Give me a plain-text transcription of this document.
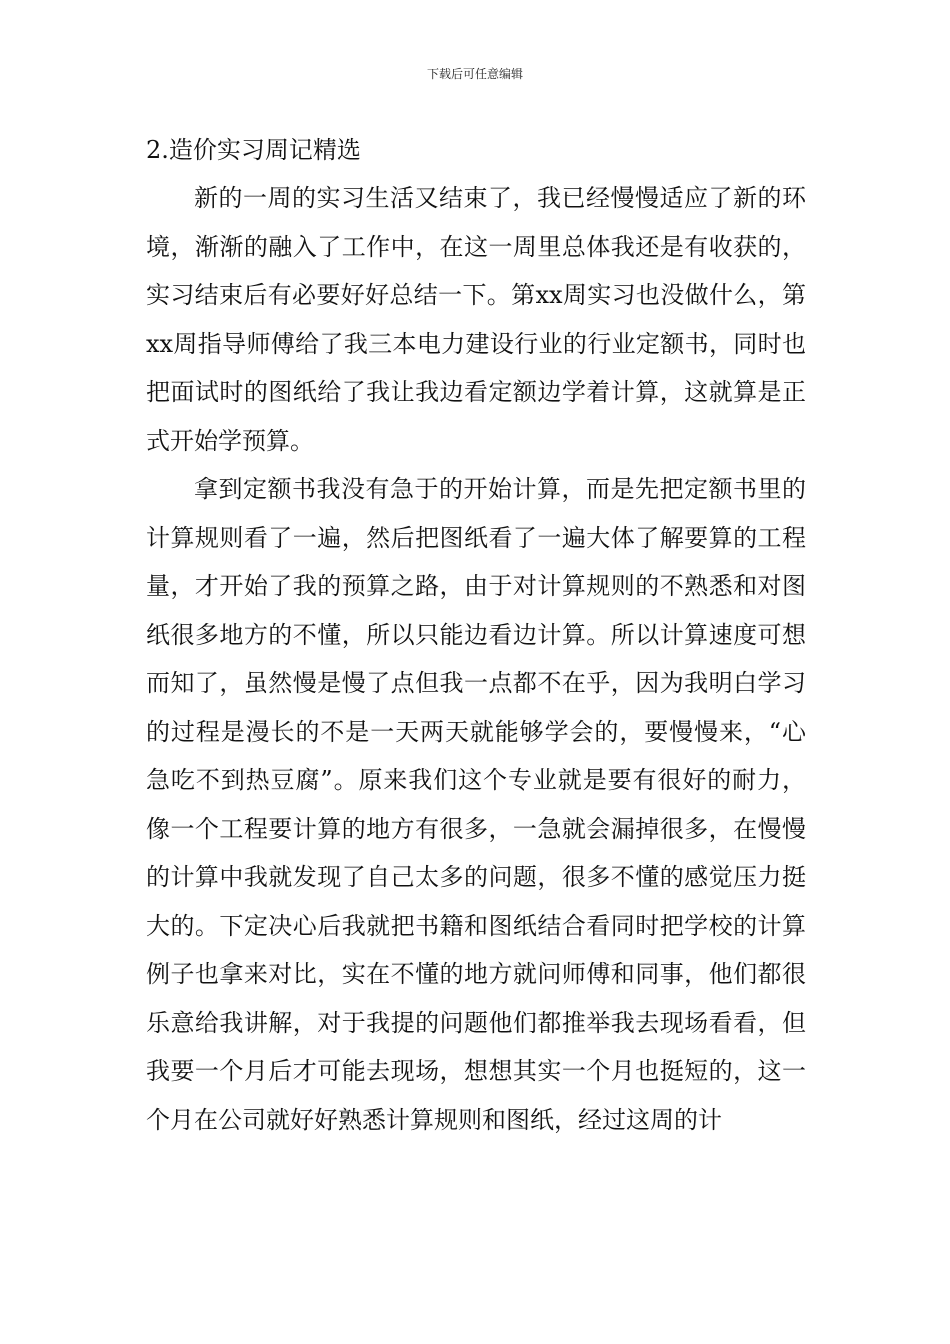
下载后可任意编辑
2.造价实习周记精选

新的一周的实习生活又结束了，我已经慢慢适应了新的环境，渐渐的融入了工作中，在这一周里总体我还是有收获的，实习结束后有必要好好总结一下。第xx周实习也没做什么，第xx周指导师傅给了我三本电力建设行业的行业定额书，同时也把面试时的图纸给了我让我边看定额边学着计算，这就算是正式开始学预算。

拿到定额书我没有急于的开始计算，而是先把定额书里的计算规则看了一遍，然后把图纸看了一遍大体了解要算的工程量，才开始了我的预算之路，由于对计算规则的不熟悉和对图纸很多地方的不懂，所以只能边看边计算。所以计算速度可想而知了，虽然慢是慢了点但我一点都不在乎，因为我明白学习的过程是漫长的不是一天两天就能够学会的，要慢慢来，“心急吃不到热豆腐”。原来我们这个专业就是要有很好的耐力，像一个工程要计算的地方有很多，一急就会漏掉很多，在慢慢的计算中我就发现了自己太多的问题，很多不懂的感觉压力挺大的。下定决心后我就把书籍和图纸结合看同时把学校的计算例子也拿来对比，实在不懂的地方就问师傅和同事，他们都很乐意给我讲解，对于我提的问题他们都推举我去现场看看，但我要一个月后才可能去现场，想想其实一个月也挺短的，这一个月在公司就好好熟悉计算规则和图纸，经过这周的计
